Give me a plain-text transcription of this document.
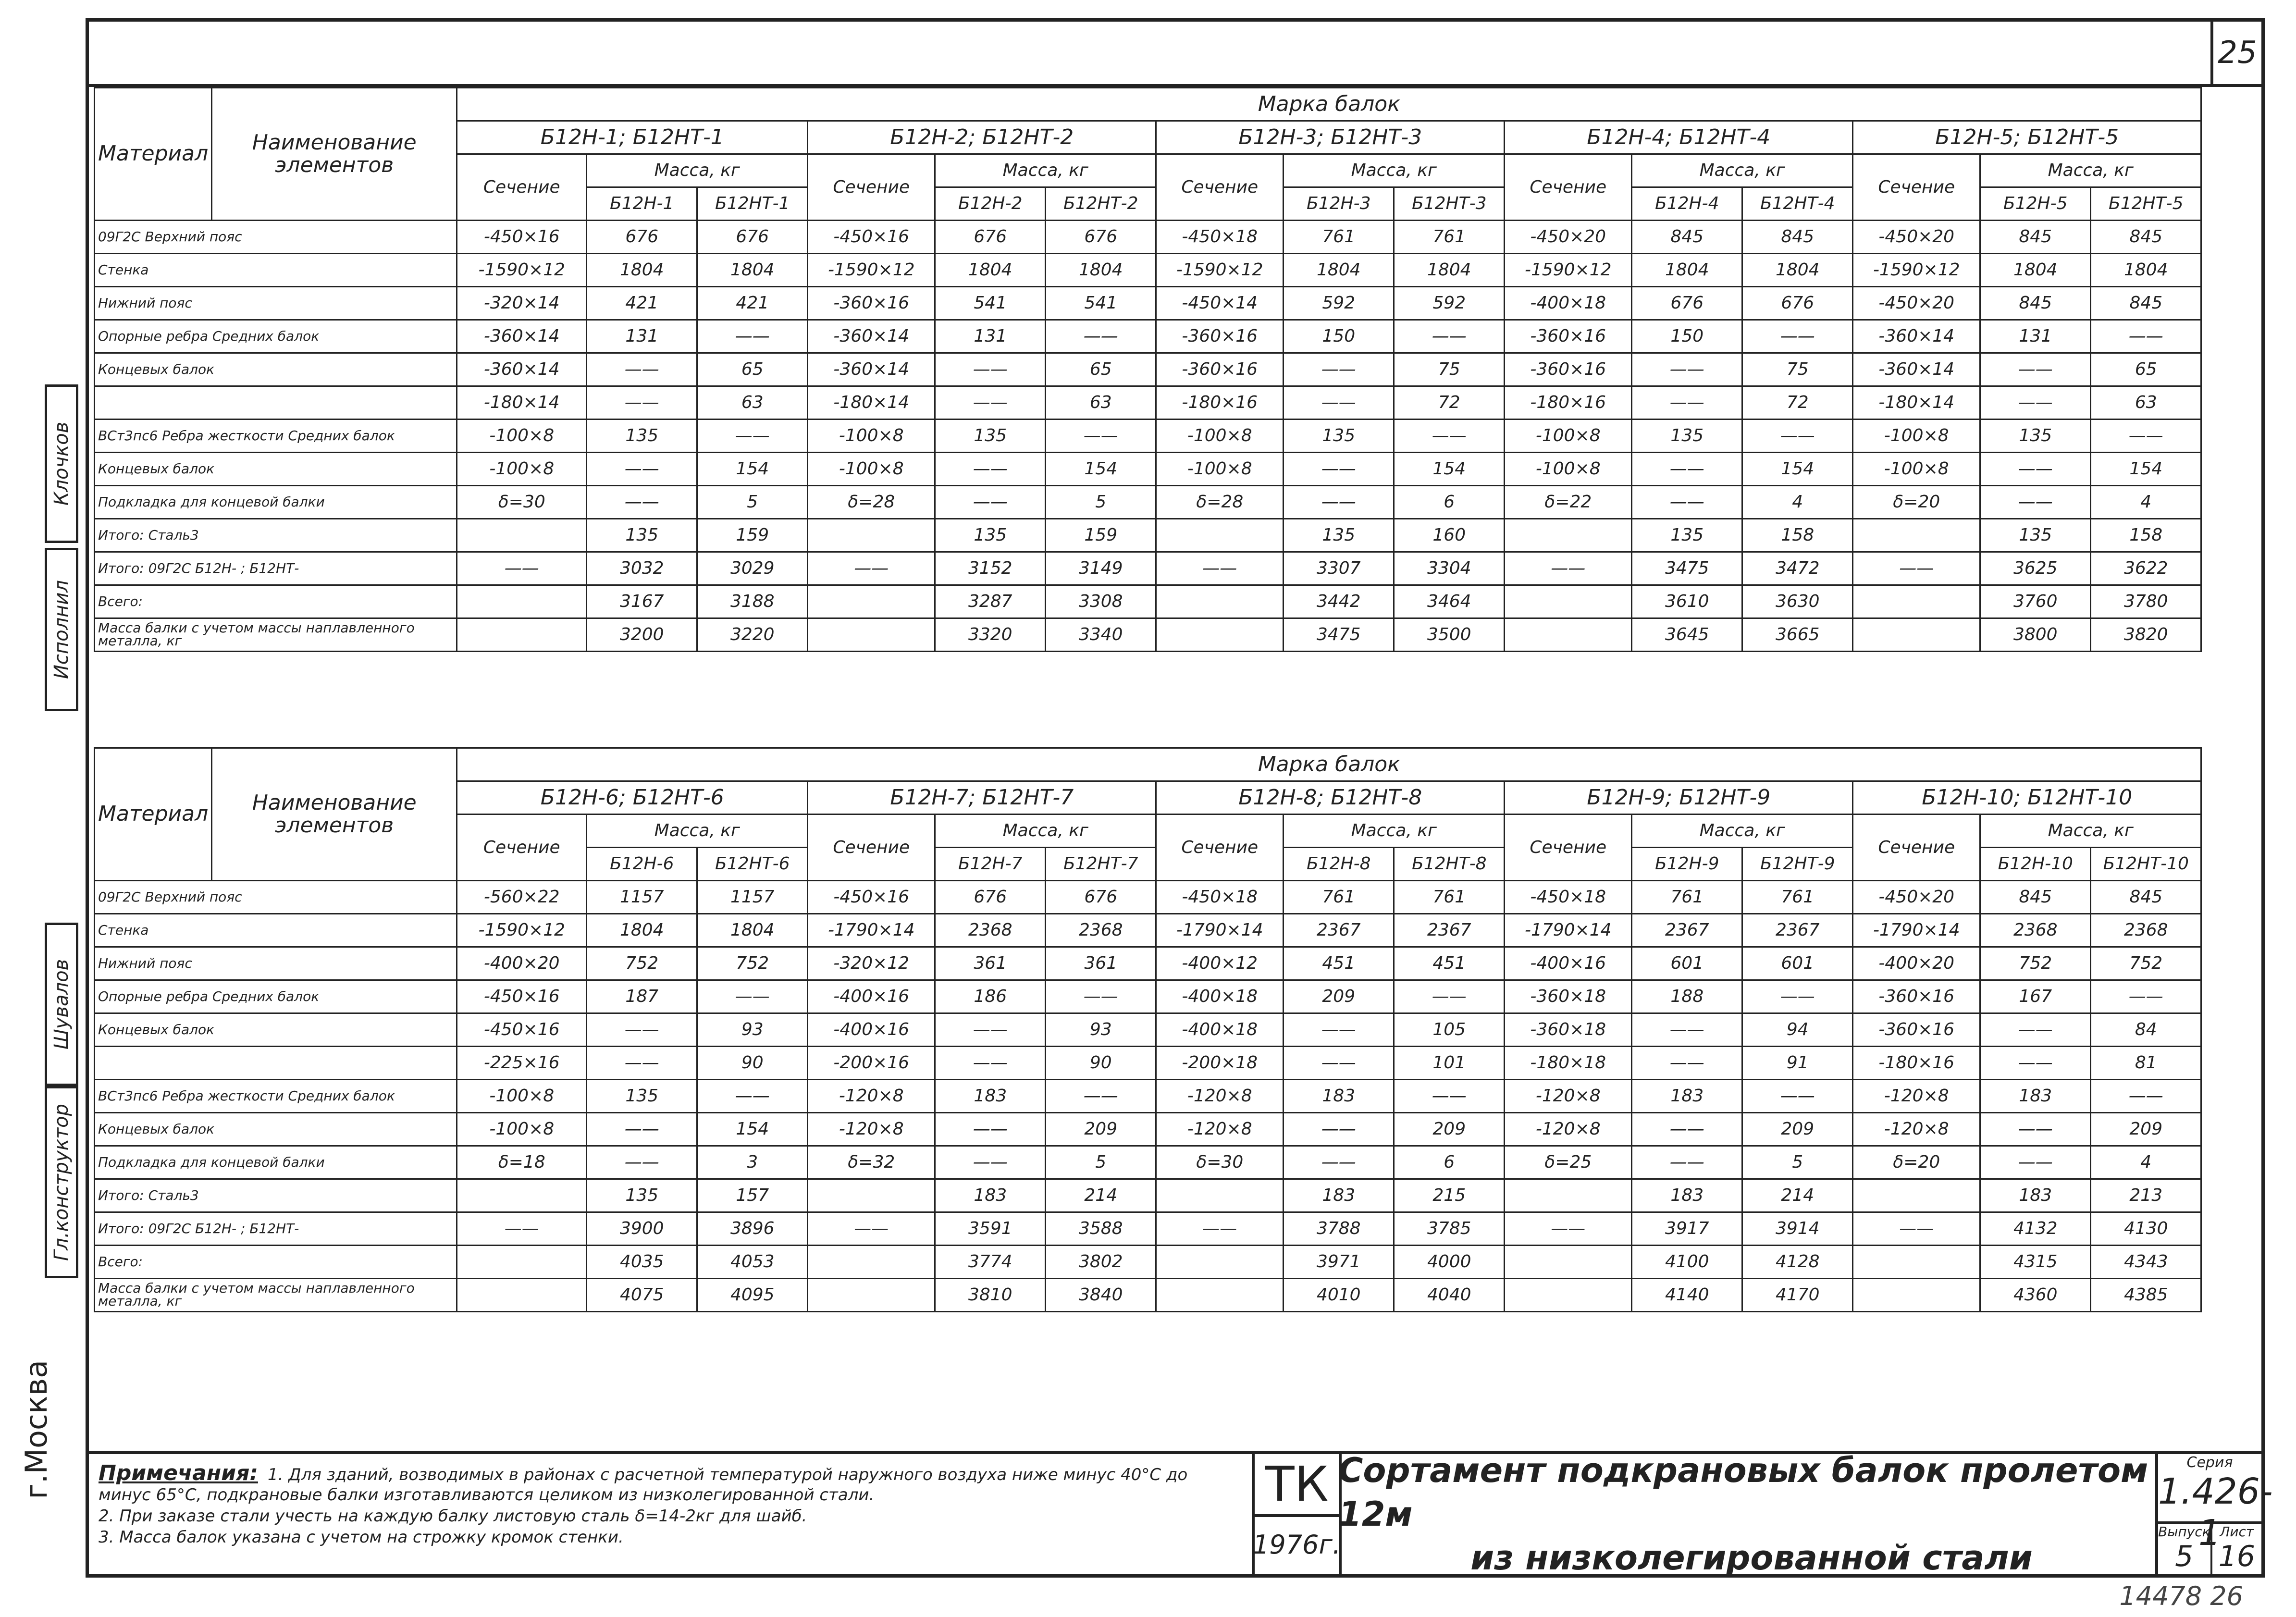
25
Материал	Наименование элементов	Марка балок														
		Б12Н-1; Б12НТ-1			Б12Н-2; Б12НТ-2			Б12Н-3; Б12НТ-3			Б12Н-4; Б12НТ-4			Б12Н-5; Б12НТ-5		
		Сечение	Масса, кг		Сечение	Масса, кг		Сечение	Масса, кг		Сечение	Масса, кг		Сечение	Масса, кг	
			Б12Н-1	Б12НТ-1		Б12Н-2	Б12НТ-2		Б12Н-3	Б12НТ-3		Б12Н-4	Б12НТ-4		Б12Н-5	Б12НТ-5
09Г2С Верхний пояс		-450×16	676	676	-450×16	676	676	-450×18	761	761	-450×20	845	845	-450×20	845	845
Стенка		-1590×12	1804	1804	-1590×12	1804	1804	-1590×12	1804	1804	-1590×12	1804	1804	-1590×12	1804	1804
Нижний пояс		-320×14	421	421	-360×16	541	541	-450×14	592	592	-400×18	676	676	-450×20	845	845
Опорные ребра Средних балок		-360×14	131	——	-360×14	131	——	-360×16	150	——	-360×16	150	——	-360×14	131	——
Концевых балок		-360×14	——	65	-360×14	——	65	-360×16	——	75	-360×16	——	75	-360×14	——	65
		-180×14	——	63	-180×14	——	63	-180×16	——	72	-180×16	——	72	-180×14	——	63
ВСт3пс6 Ребра жесткости Средних балок		-100×8	135	——	-100×8	135	——	-100×8	135	——	-100×8	135	——	-100×8	135	——
Концевых балок		-100×8	——	154	-100×8	——	154	-100×8	——	154	-100×8	——	154	-100×8	——	154
Подкладка для концевой балки		δ=30	——	5	δ=28	——	5	δ=28	——	6	δ=22	——	4	δ=20	——	4
Итого: Сталь3			135	159		135	159		135	160		135	158		135	158
Итого: 09Г2С Б12Н- ; Б12НТ-		——	3032	3029	——	3152	3149	——	3307	3304	——	3475	3472	——	3625	3622
Всего:			3167	3188		3287	3308		3442	3464		3610	3630		3760	3780
Масса балки с учетом массы наплавленного металла, кг			3200	3220		3320	3340		3475	3500		3645	3665		3800	3820
Материал	Наименование элементов	Марка балок														
		Б12Н-6; Б12НТ-6			Б12Н-7; Б12НТ-7			Б12Н-8; Б12НТ-8			Б12Н-9; Б12НТ-9			Б12Н-10; Б12НТ-10		
		Сечение	Масса, кг		Сечение	Масса, кг		Сечение	Масса, кг		Сечение	Масса, кг		Сечение	Масса, кг	
			Б12Н-6	Б12НТ-6		Б12Н-7	Б12НТ-7		Б12Н-8	Б12НТ-8		Б12Н-9	Б12НТ-9		Б12Н-10	Б12НТ-10
09Г2С Верхний пояс		-560×22	1157	1157	-450×16	676	676	-450×18	761	761	-450×18	761	761	-450×20	845	845
Стенка		-1590×12	1804	1804	-1790×14	2368	2368	-1790×14	2367	2367	-1790×14	2367	2367	-1790×14	2368	2368
Нижний пояс		-400×20	752	752	-320×12	361	361	-400×12	451	451	-400×16	601	601	-400×20	752	752
Опорные ребра Средних балок		-450×16	187	——	-400×16	186	——	-400×18	209	——	-360×18	188	——	-360×16	167	——
Концевых балок		-450×16	——	93	-400×16	——	93	-400×18	——	105	-360×18	——	94	-360×16	——	84
		-225×16	——	90	-200×16	——	90	-200×18	——	101	-180×18	——	91	-180×16	——	81
ВСт3пс6 Ребра жесткости Средних балок		-100×8	135	——	-120×8	183	——	-120×8	183	——	-120×8	183	——	-120×8	183	——
Концевых балок		-100×8	——	154	-120×8	——	209	-120×8	——	209	-120×8	——	209	-120×8	——	209
Подкладка для концевой балки		δ=18	——	3	δ=32	——	5	δ=30	——	6	δ=25	——	5	δ=20	——	4
Итого: Сталь3			135	157		183	214		183	215		183	214		183	213
Итого: 09Г2С Б12Н- ; Б12НТ-		——	3900	3896	——	3591	3588	——	3788	3785	——	3917	3914	——	4132	4130
Всего:			4035	4053		3774	3802		3971	4000		4100	4128		4315	4343
Масса балки с учетом массы наплавленного металла, кг			4075	4095		3810	3840		4010	4040		4140	4170		4360	4385
Примечания: 1. Для зданий, возводимых в районах с расчетной температурой наружного воздуха ниже минус 40°С до минус 65°С, подкрановые балки изготавливаются целиком из низколегированной стали.
2. При заказе стали учесть на каждую балку листовую сталь δ=14-2кг для шайб.
3. Масса балок указана с учетом на строжку кромок стенки.
ТК
1976г.
Сортамент подкрановых балок пролетом 12м
из низколегированной стали
Серия
1.426-1
Выпуск
5
Лист
16
Клочков
Исполнил
Шувалов
Гл.конструктор
г.Москва
14478 26
